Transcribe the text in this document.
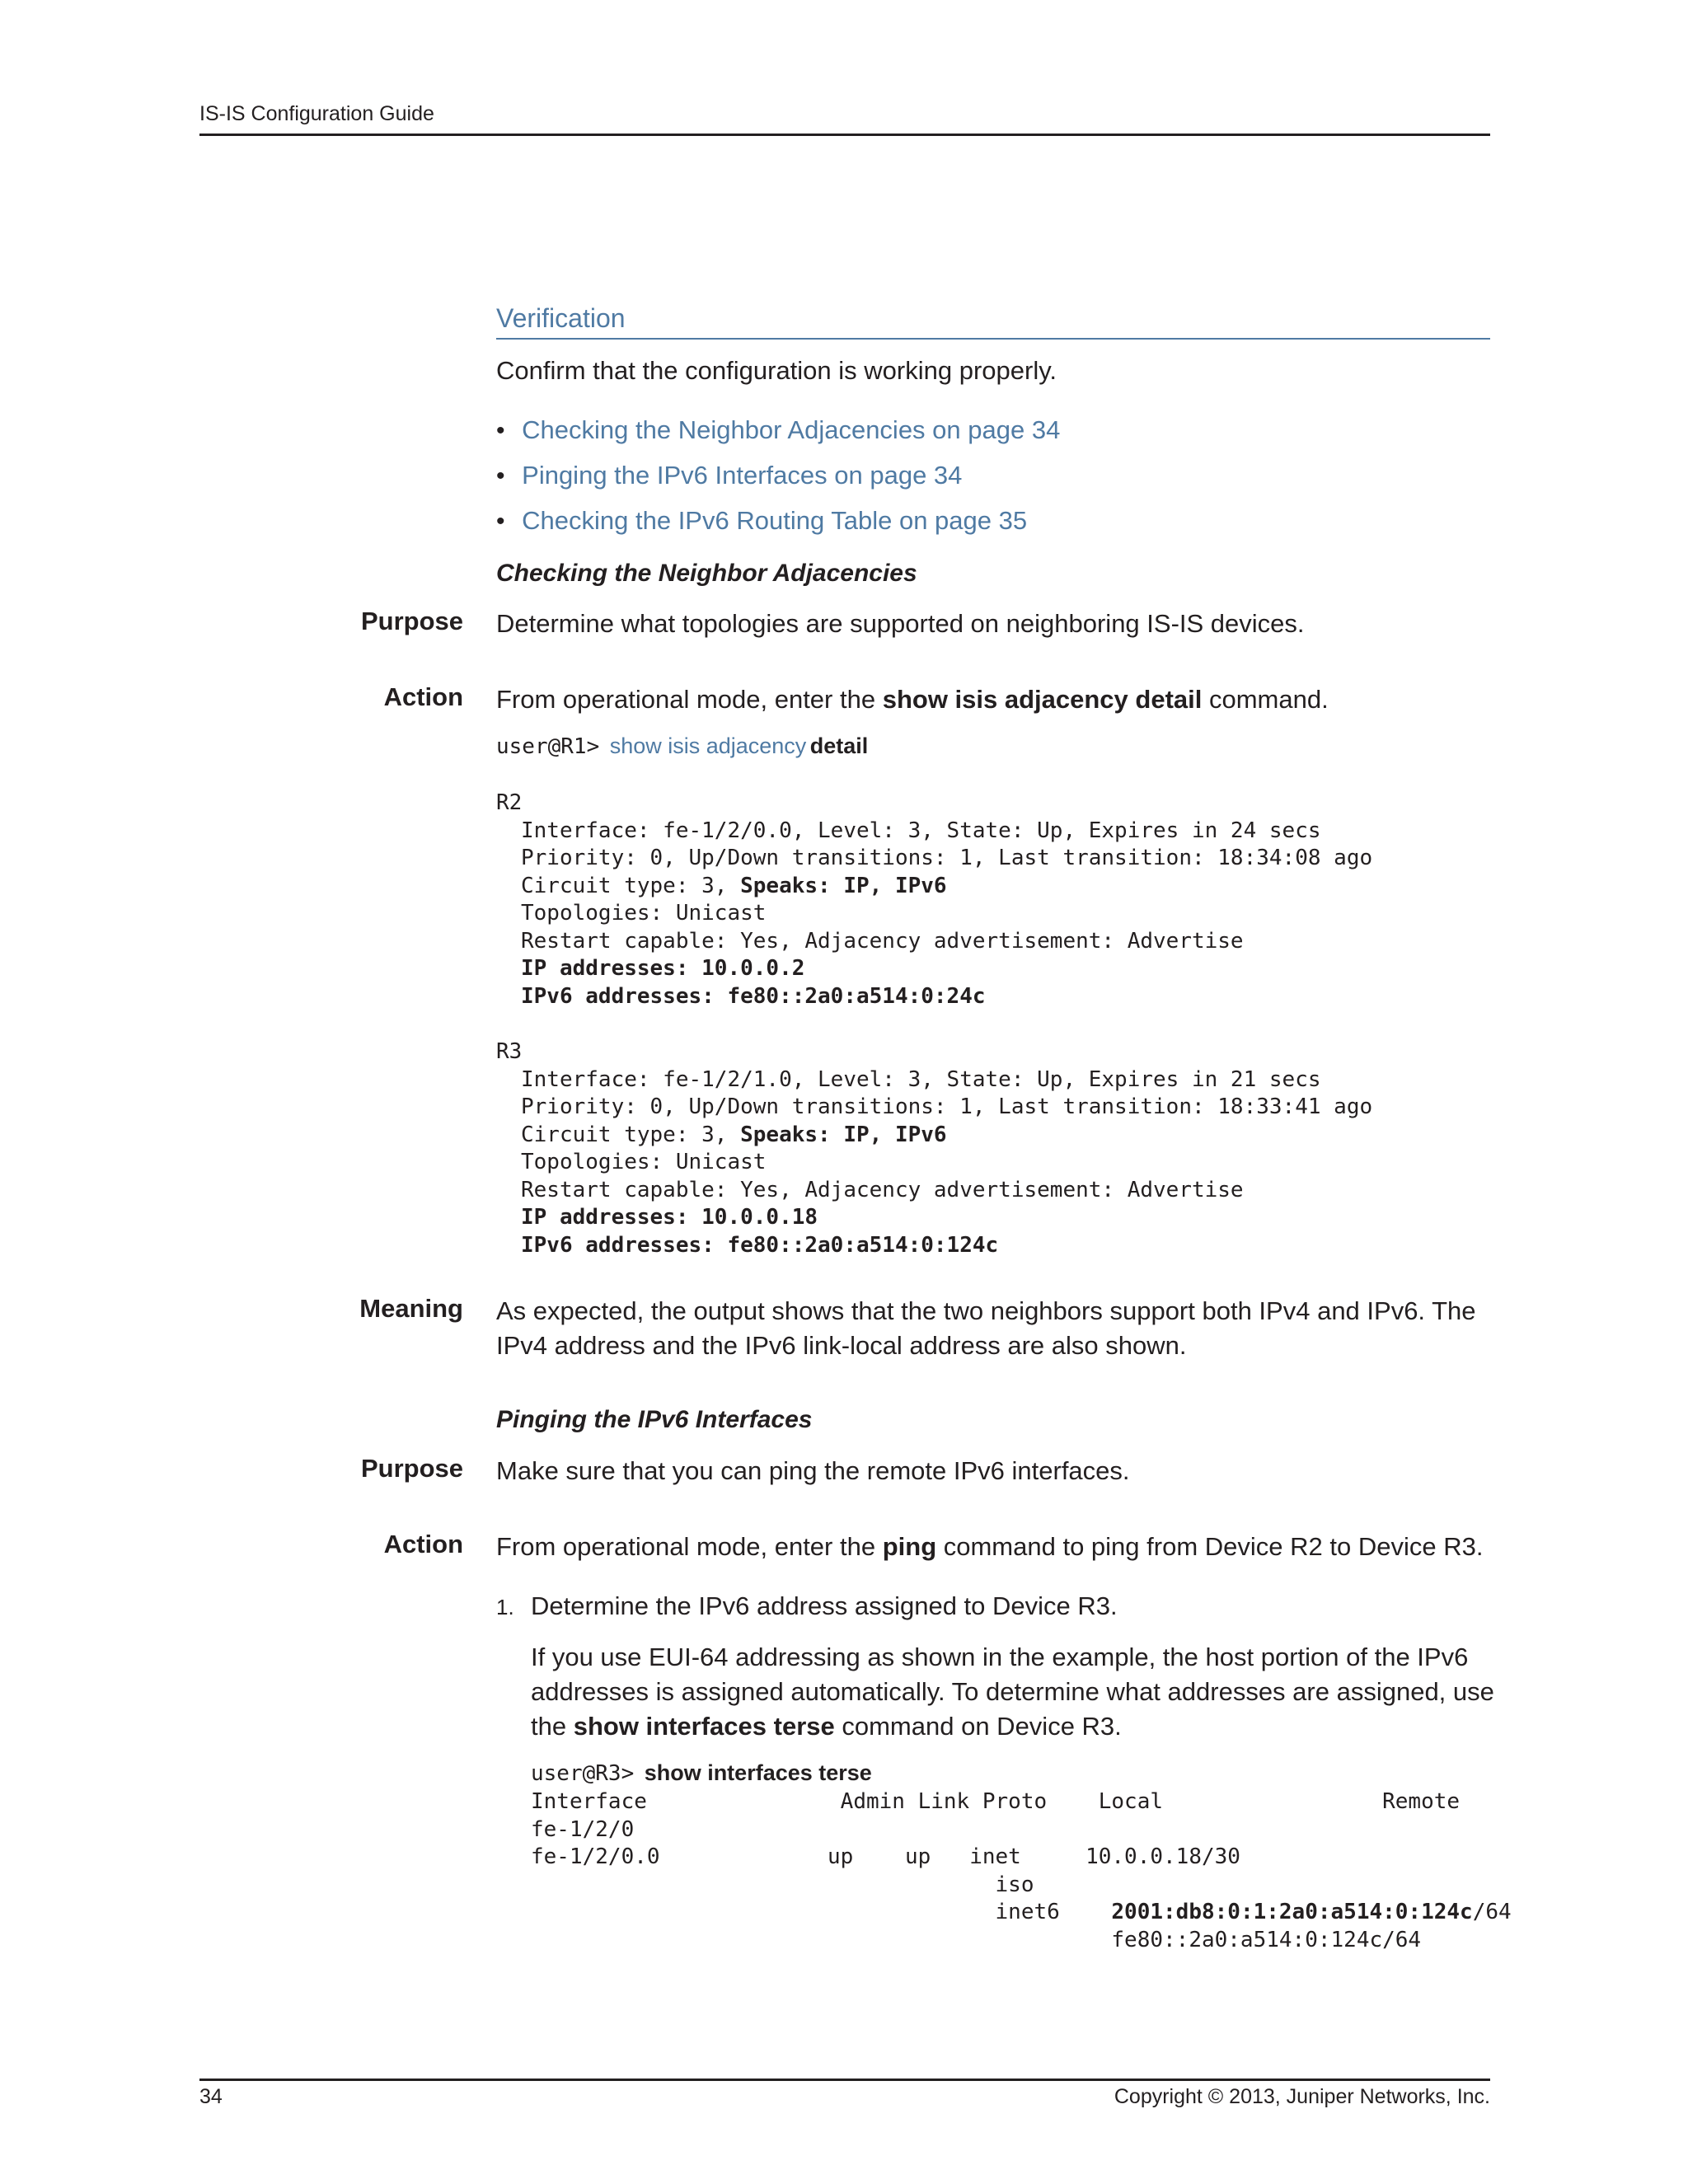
IS-IS Configuration Guide
Verification
Confirm that the configuration is working properly.
• Checking the Neighbor Adjacencies on page 34
• Pinging the IPv6 Interfaces on page 34
• Checking the IPv6 Routing Table on page 35
Checking the Neighbor Adjacencies
Purpose Determine what topologies are supported on neighboring IS-IS devices.
Action From operational mode, enter the show isis adjacency detail command.
user@R1> show isis adjacency detail
R2
Interface: fe-1/2/0.0, Level: 3, State: Up, Expires in 24 secs
Priority: 0, Up/Down transitions: 1, Last transition: 18:34:08 ago
Circuit type: 3, Speaks: IP, IPv6
Topologies: Unicast
Restart capable: Yes, Adjacency advertisement: Advertise
IP addresses: 10.0.0.2
IPv6 addresses: fe80::2a0:a514:0:24c
R3
Interface: fe-1/2/1.0, Level: 3, State: Up, Expires in 21 secs
Priority: 0, Up/Down transitions: 1, Last transition: 18:33:41 ago
Circuit type: 3, Speaks: IP, IPv6
Topologies: Unicast
Restart capable: Yes, Adjacency advertisement: Advertise
IP addresses: 10.0.0.18
IPv6 addresses: fe80::2a0:a514:0:124c
Meaning As expected, the output shows that the two neighbors support both IPv4 and IPv6. The
IPv4 address and the IPv6 link-local address are also shown.
Pinging the IPv6 Interfaces
Purpose Make sure that you can ping the remote IPv6 interfaces.
Action From operational mode, enter the ping command to ping from Device R2 to Device R3.
1. Determine the IPv6 address assigned to Device R3.
If you use EUI-64 addressing as shown in the example, the host portion of the IPv6
addresses is assigned automatically. To determine what addresses are assigned, use
the show interfaces terse command on Device R3.
user@R3> show interfaces terse
Interface               Admin Link Proto    Local                 Remote
fe-1/2/0
fe-1/2/0.0             up    up   inet     10.0.0.18/30
iso
inet6    2001:db8:0:1:2a0:a514:0:124c/64
fe80::2a0:a514:0:124c/64
34	Copyright © 2013, Juniper Networks, Inc.
